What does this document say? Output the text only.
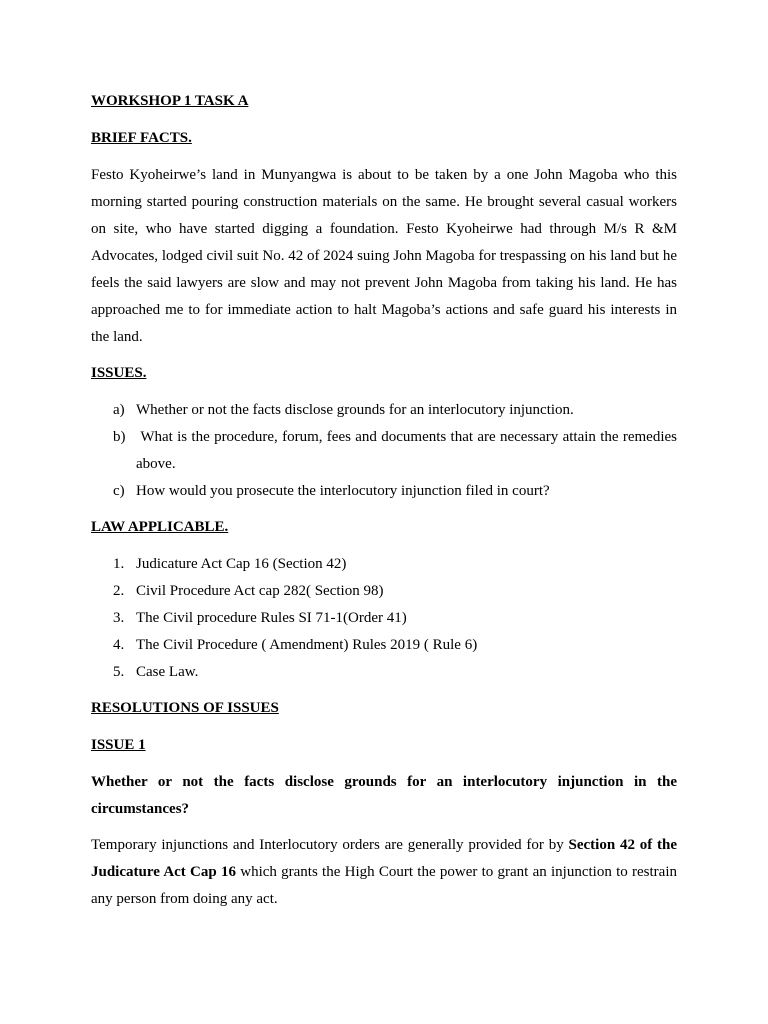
WORKSHOP 1 TASK A
BRIEF FACTS.
Festo Kyoheirwe’s land in Munyangwa is about to be taken by a one John Magoba who this morning started pouring construction materials on the same. He brought several casual workers on site, who have started digging a foundation. Festo Kyoheirwe had through M/s R &M Advocates, lodged civil suit No. 42 of 2024 suing John Magoba for trespassing on his land but he feels the said lawyers are slow and may not prevent John Magoba from taking his land. He has approached me to for immediate action to halt Magoba’s actions and safe guard his interests in the land.
ISSUES.
a) Whether or not the facts disclose grounds for an interlocutory injunction.
b) What is the procedure, forum, fees and documents that are necessary attain the remedies above.
c) How would you prosecute the interlocutory injunction filed in court?
LAW APPLICABLE.
1. Judicature Act Cap 16 (Section 42)
2. Civil Procedure Act cap 282( Section 98)
3. The Civil procedure Rules SI 71-1(Order 41)
4. The Civil Procedure ( Amendment) Rules 2019 ( Rule 6)
5. Case Law.
RESOLUTIONS OF ISSUES
ISSUE 1
Whether or not the facts disclose grounds for an interlocutory injunction in the circumstances?
Temporary injunctions and Interlocutory orders are generally provided for by Section 42 of the Judicature Act Cap 16 which grants the High Court the power to grant an injunction to restrain any person from doing any act.
